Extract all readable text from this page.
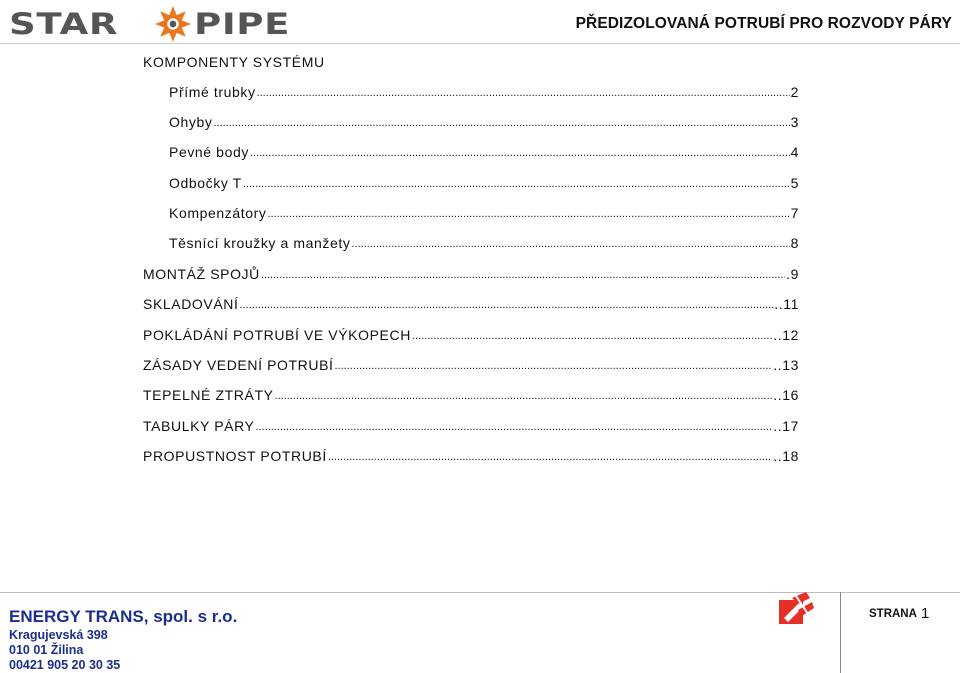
STAR	PIPE	PŘEDIZOLOVANÁ POTRUBÍ PRO ROZVODY PÁRY
KOMPONENTY SYSTÉMU
Přímé trubky .....	2
Ohyby .....	3
Pevné body .....	4
Odbočky T .....	5
Kompenzátory .....	7
Těsnící kroužky a manžety .....	8
MONTÁŽ SPOJŮ .....	.9
SKLADOVÁNÍ .....	..11
POKLÁDÁNÍ POTRUBÍ VE VÝKOPECH .....	..12
ZÁSADY VEDENÍ POTRUBÍ .....	..13
TEPELNÉ ZTRÁTY .....	..16
TABULKY PÁRY .....	..17
PROPUSTNOST POTRUBÍ .....	..18
ENERGY TRANS, spol. s r.o.
Kragujevská 398
010 01 Žilina
00421 905 20 30 35
STRANA 1
